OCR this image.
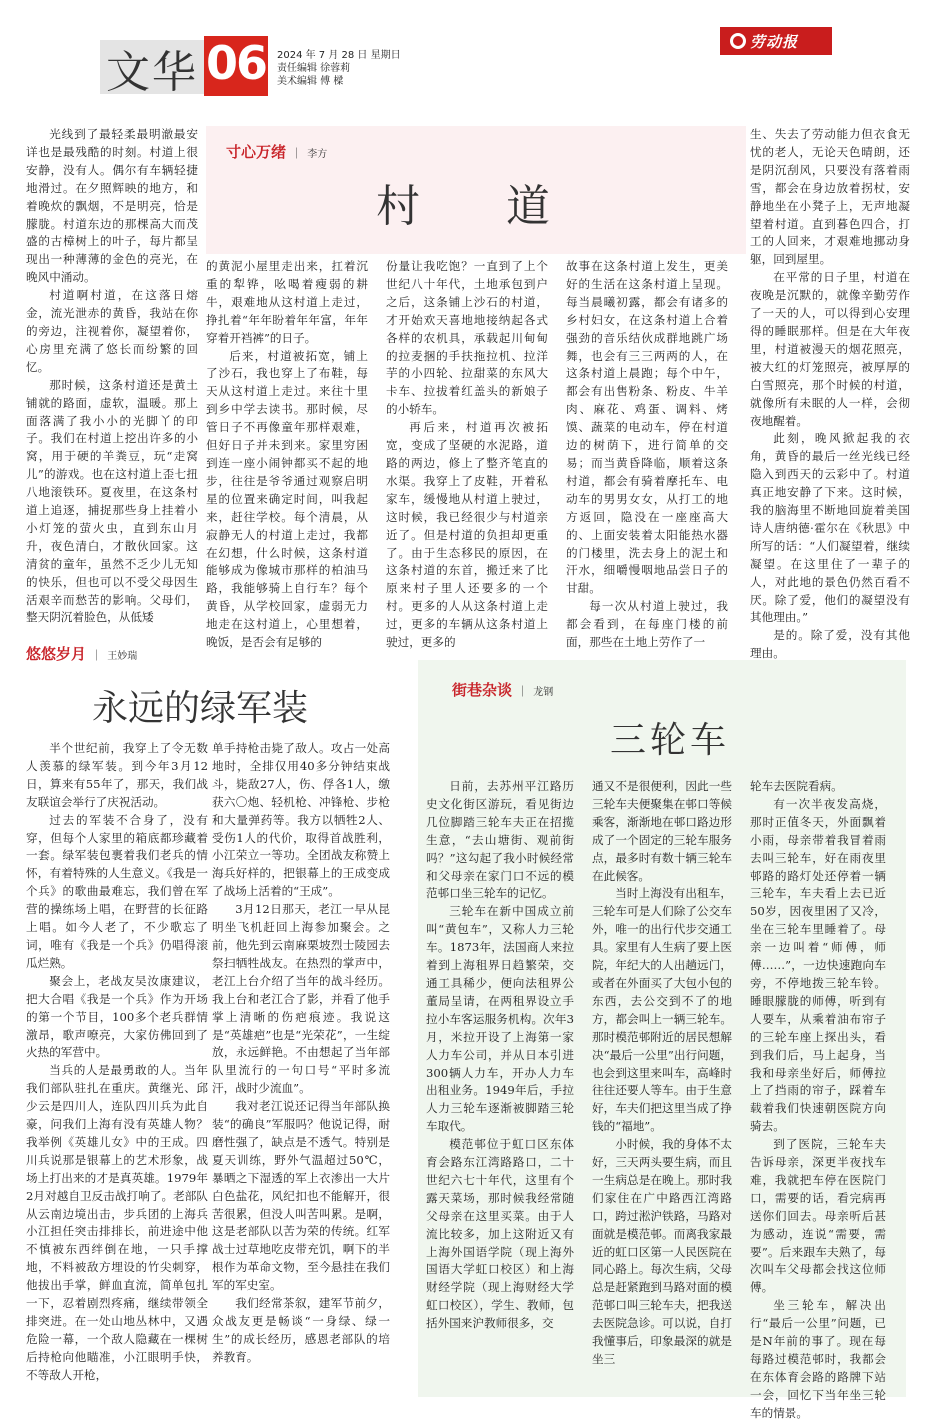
文华 06 2024 年 7 月 28 日 星期日
责任编辑 徐蓉莉
美术编辑 傅 樑
劳动报
寸心万绪 ｜ 李方
村道

光线到了最轻柔最明澈最安详也是最残酷的时刻。村道上很安静，没有人。偶尔有车辆轻捷地滑过。在夕照辉映的地方，和着晚炊的飘烟，不是明亮，恰是朦胧。村道东边的那棵高大而茂盛的古樟树上的叶子，每片都呈现出一种薄薄的金色的亮光，在晚风中涌动。

村道啊村道，在这落日熔金，流光泄赤的黄昏，我站在你的旁边，注视着你，凝望着你，心房里充满了悠长而纷繁的回忆。

那时候，这条村道还是黄土铺就的路面，虚软，温暖。那上面落满了我小小的光脚丫的印子。我们在村道上挖出许多的小窝，用于硬的羊粪豆，玩“走窝儿”的游戏。也在这村道上歪七扭八地滚铁环。夏夜里，在这条村道上追逐，捕捉那些身上挂着小小灯笼的萤火虫，直到东山月升，夜色清白，才散伙回家。这清贫的童年，虽然不乏少儿无知的快乐，但也可以不受父母因生活艰辛而愁苦的影响。父母们，整天阴沉着脸色，从低矮

的黄泥小屋里走出来，扛着沉重的犁铧，吆喝着瘦弱的耕牛，艰难地从这村道上走过，挣扎着“年年盼着年年富，年年穿着开裆裤”的日子。

后来，村道被拓宽，铺上了沙石，我也穿上了布鞋，每天从这村道上走过。来往十里到乡中学去读书。那时候，尽管日子不再像童年那样艰难，但好日子并未到来。家里穷困到连一座小闹钟都买不起的地步，往往是爷爷通过观察启明星的位置来确定时间，叫我起来，赶往学校。每个清晨，从寂静无人的村道上走过，我都在幻想，什么时候，这条村道能够成为像城市那样的柏油马路，我能够骑上自行车？每个黄昏，从学校回家，虚弱无力地走在这村道上，心里想着，晚饭，是否会有足够的

份量让我吃饱？一直到了上个世纪八十年代，土地承包到户之后，这条铺上沙石的村道，才开始欢天喜地地接纳起各式各样的农机具，承载起川甸甸的拉麦捆的手扶拖拉机、拉洋芋的小四轮、拉甜菜的东风大卡车、拉拔着红盖头的新娘子的小轿车。

再后来，村道再次被拓宽，变成了坚硬的水泥路，道路的两边，修上了整齐笔直的水渠。我穿上了皮鞋，开着私家车，缓慢地从村道上驶过，这时候，我已经很少与村道亲近了。但是村道的负担却更重了。由于生态移民的原因，在这条村道的东首，搬迁来了比原来村子里人还要多的一个村。更多的人从这条村道上走过，更多的车辆从这条村道上驶过，更多的

故事在这条村道上发生，更美好的生活在这条村道上呈现。每当晨曦初露，都会有诸多的乡村妇女，在这条村道上合着强劲的音乐结伙成群地跳广场舞，也会有三三两两的人，在这条村道上晨跑；每个中午，都会有出售粉条、粉皮、牛羊肉、麻花、鸡蛋、调料、烤馍、蔬菜的电动车，停在村道边的树荫下，进行简单的交易；而当黄昏降临，顺着这条村道，都会有骑着摩托车、电动车的男男女女，从打工的地方返回，隐没在一座座高大的、上面安装着太阳能热水器的门楼里，洗去身上的泥土和汗水，细嚼慢咽地品尝日子的甘甜。

每一次从村道上驶过，我都会看到，在每座门楼的前面，那些在土地上劳作了一

生、失去了劳动能力但衣食无忧的老人，无论天色晴朗，还是阴沉刮风，只要没有落着雨雪，都会在身边放着拐杖，安静地坐在小凳子上，无声地凝望着村道。直到暮色四合，打工的人回来，才艰难地挪动身躯，回到屋里。

在平常的日子里，村道在夜晚是沉默的，就像辛勤劳作了一天的人，可以得到心安理得的睡眠那样。但是在大年夜里，村道被漫天的烟花照亮，被大红的灯笼照亮，被厚厚的白雪照亮，那个时候的村道，就像所有未眠的人一样，会彻夜地醒着。

此刻，晚风掀起我的衣角，黄昏的最后一丝光线已经隐入到西天的云彩中了。村道真正地安静了下来。这时候，我的脑海里不断地回旋着美国诗人唐纳德·霍尔在《秋思》中所写的话：“人们凝望着，继续凝望。在这里住了一辈子的人，对此地的景色仍然百看不厌。除了爱，他们的凝望没有其他理由。”

是的。除了爱，没有其他理由。

悠悠岁月 ｜ 王妙瑞
永远的绿军装

半个世纪前，我穿上了令无数人羡慕的绿军装。到今年3月12日，算来有55年了，那天，我们战友联谊会举行了庆祝活动。

过去的军装不合身了，没有穿，但每个人家里的箱底都珍藏着一套。绿军装包裹着我们老兵的情怀，有着特殊的人生意义。《我是一个兵》的歌曲最难忘，我们曾在军营的操练场上唱，在野营的长征路上唱。如今人老了，不少歌忘了词，唯有《我是一个兵》仍唱得滚瓜烂熟。

聚会上，老战友吴汝康建议，把大合唱《我是一个兵》作为开场的第一个节目，100多个老兵群情激昂，歌声嘹亮，大家仿佛回到了火热的军营中。

当兵的人是最勇敢的人。当年我们部队驻扎在重庆。黄继光、邱少云是四川人，连队四川兵为此自豪，问我们上海有没有英雄人物？我举例《英雄儿女》中的王成。四川兵说那是银幕上的艺术形象，战场上打出来的才是真英雄。1979年2月对越自卫反击战打响了。老部队从云南边境出击，步兵团的上海兵小江担任突击排排长，前进途中他不慎被东西绊倒在地，一只手撑地，不料被敌方埋设的竹尖刺穿，他拔出手掌，鲜血直流，简单包扎一下，忍着剧烈疼痛，继续带领全排突进。在一处山地丛林中，又遇危险一幕，一个敌人隐藏在一棵树后持枪向他瞄准，小江眼明手快，不等敌人开枪，

单手持枪击毙了敌人。攻占一处高地时，全排仅用40多分钟结束战斗，毙敌27人，伤、俘各1人，缴获六〇炮、轻机枪、冲锋枪、步枪和大量弹药等。我方以牺牲2人、受伤1人的代价，取得首战胜利，小江荣立一等功。全团战友称赞上海兵好样的，把银幕上的王成变成了战场上活着的“王成”。

3月12日那天，老江一早从昆明坐飞机赶回上海参加聚会。之前，他先到云南麻栗坡烈士陵园去祭扫牺牲战友。在热烈的掌声中，老江上台介绍了当年的战斗经历。我上台和老江合了影，并看了他手掌上清晰的伤疤痕迹。我说这是“英雄疤”也是“光荣花”，一生绽放，永远鲜艳。不由想起了当年部队里流行的一句口号“平时多流汗，战时少流血”。

我对老江说还记得当年部队换装“的确良”军服吗？他说记得，耐磨性强了，缺点是不透气。特别是夏天训练，野外气温超过50℃，暴晒之下湿透的军上衣渗出一大片白色盐花，风纪扣也不能解开，很苦很累，但没人叫苦叫累。是啊，这是老部队以苦为荣的传统。红军战士过草地吃皮带充饥，啊下的半根作为革命文物，至今悬挂在我们军的军史室。

我们经常茶叙，建军节前夕，众战友更是畅谈“一身绿、绿一生”的成长经历，感恩老部队的培养教育。

街巷杂谈 ｜ 龙钢
三轮车

日前，去苏州平江路历史文化街区游玩，看见街边几位脚踏三轮车夫正在招揽生意，“去山塘街、观前街吗？”这勾起了我小时候经常和父母亲在家门口不远的模范邨口坐三轮车的记忆。

三轮车在新中国成立前叫“黄包车”，又称人力三轮车。1873年，法国商人来拉着到上海租界日趋繁荣，交通工具稀少，便向法租界公董局呈请，在两租界设立手拉小车客运服务机构。次年3月，米拉开设了上海第一家人力车公司，并从日本引进300辆人力车，开办人力车出租业务。1949年后，手拉人力三轮车逐渐被脚踏三轮车取代。

模范邨位于虹口区东体育会路东江湾路路口，二十世纪六七十年代，这里有个露天菜场，那时候我经常随父母亲在这里买菜。由于人流比较多，加上这附近又有上海外国语学院（现上海外国语大学虹口校区）和上海财经学院（现上海财经大学虹口校区），学生、教师，包括外国来沪教师很多，交

通又不是很便利，因此一些三轮车夫便聚集在邨口等候乘客，渐渐地在邨口路边形成了一个固定的三轮车服务点，最多时有数十辆三轮车在此候客。

当时上海没有出租车，三轮车可是人们除了公交车外，唯一的出行代步交通工具。家里有人生病了要上医院，年纪大的人出趟远门，或者在外面买了大包小包的东西，去公交到不了的地方，都会叫上一辆三轮车。那时模范邨附近的居民想解决“最后一公里”出行问题，也会到这里来叫车，高峰时往往还要人等车。由于生意好，车夫们把这里当成了挣钱的“福地”。

小时候，我的身体不太好，三天两头要生病，而且一生病总是在晚上。那时我们家住在广中路西江湾路口，跨过淞沪铁路，马路对面就是模范邨。而离我家最近的虹口区第一人民医院在同心路上。每次生病，父母总是赶紧跑到马路对面的模范邨口叫三轮车夫，把我送去医院急诊。可以说，自打我懂事后，印象最深的就是坐三

轮车去医院看病。

有一次半夜发高烧，那时正值冬天，外面飘着小雨，母亲带着我冒着雨去叫三轮车，好在雨夜里邨路的路灯处还停着一辆三轮车，车夫看上去已近50岁，因夜里困了又冷，坐在三轮车里睡着了。母亲一边叫着“师傅，师傅……”，一边快速跑向车旁，不停地拨三轮车铃。睡眼朦胧的师傅，听到有人要车，从乘着油布帘子的三轮车座上探出头，看到我们后，马上起身，当我和母亲坐好后，师傅拉上了挡雨的帘子，踩着车载着我们快速朝医院方向骑去。

到了医院，三轮车夫告诉母亲，深更半夜找车难，我就把车停在医院门口，需要的话，看完病再送你们回去。母亲听后甚为感动，连说“需要，需要”。后来跟车夫熟了，每次叫车父母都会找这位师傅。

坐三轮车，解决出行“最后一公里”问题，已是N年前的事了。现在每每路过模范邨时，我都会在东体育会路的路牌下站一会，回忆下当年坐三轮车的情景。
